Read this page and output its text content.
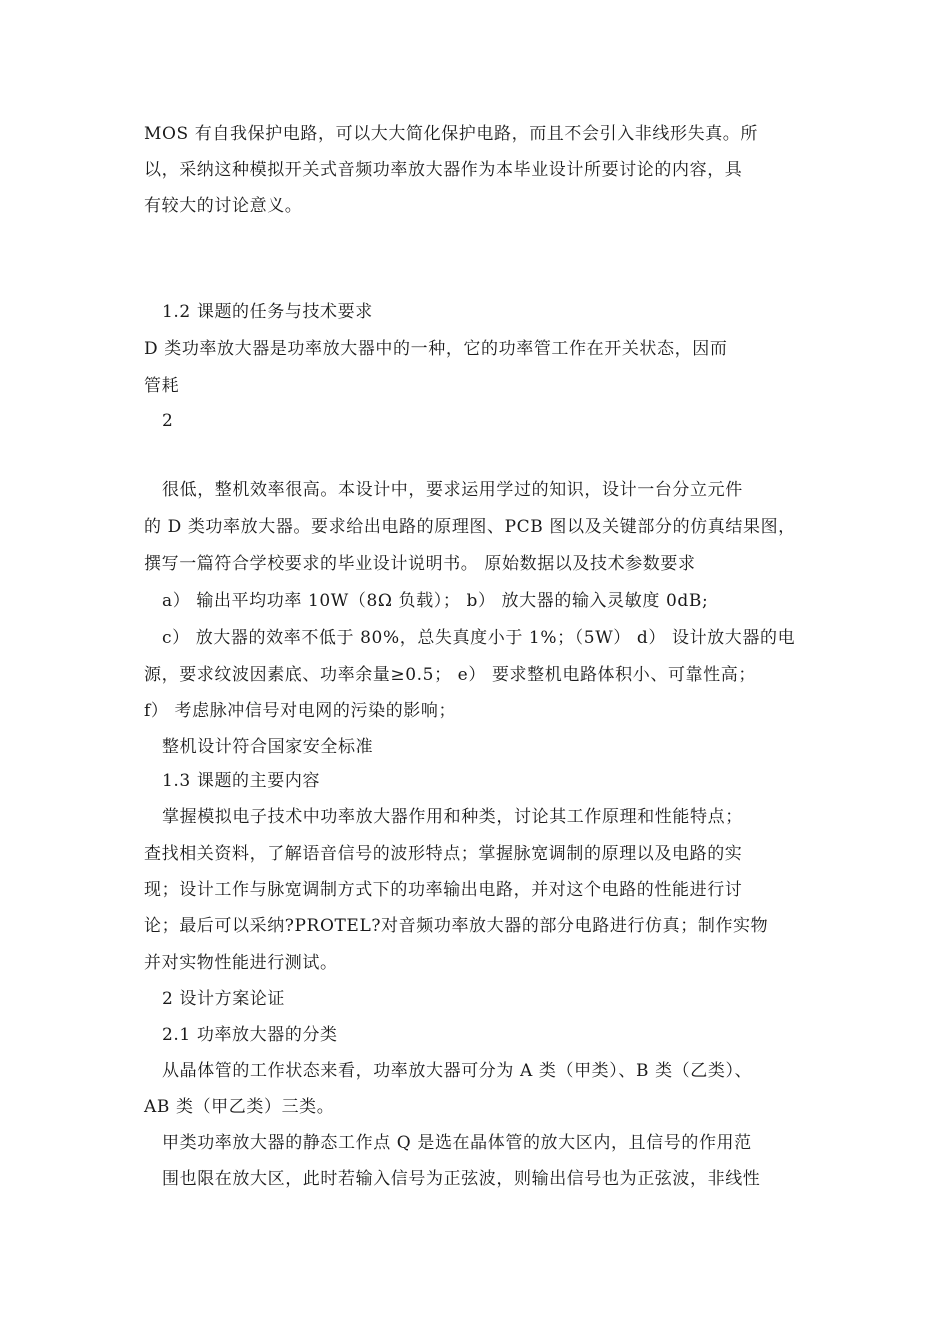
MOS 有自我保护电路，可以大大简化保护电路，而且不会引入非线形失真。所
以，采纳这种模拟开关式音频功率放大器作为本毕业设计所要讨论的内容，具
有较大的讨论意义。
1.2 课题的任务与技术要求
D 类功率放大器是功率放大器中的一种，它的功率管工作在开关状态，因而
管耗
2
很低，整机效率很高。本设计中，要求运用学过的知识，设计一台分立元件
的 D 类功率放大器。要求给出电路的原理图、PCB 图以及关键部分的仿真结果图，
撰写一篇符合学校要求的毕业设计说明书。 原始数据以及技术参数要求
a） 输出平均功率 10W（8Ω 负载）； b） 放大器的输入灵敏度 0dB;
c） 放大器的效率不低于 80%，总失真度小于 1%；（5W） d） 设计放大器的电
源，要求纹波因素底、功率余量≥0.5； e） 要求整机电路体积小、可靠性高；
f） 考虑脉冲信号对电网的污染的影响；
整机设计符合国家安全标准
1.3 课题的主要内容
掌握模拟电子技术中功率放大器作用和种类，讨论其工作原理和性能特点；
查找相关资料，了解语音信号的波形特点；掌握脉宽调制的原理以及电路的实
现；设计工作与脉宽调制方式下的功率输出电路，并对这个电路的性能进行讨
论；最后可以采纳?PROTEL?对音频功率放大器的部分电路进行仿真；制作实物
并对实物性能进行测试。
2 设计方案论证
2.1 功率放大器的分类
从晶体管的工作状态来看，功率放大器可分为 A 类（甲类）、B 类（乙类）、
AB 类（甲乙类）三类。
甲类功率放大器的静态工作点 Q 是选在晶体管的放大区内，且信号的作用范
围也限在放大区，此时若输入信号为正弦波，则输出信号也为正弦波，非线性
